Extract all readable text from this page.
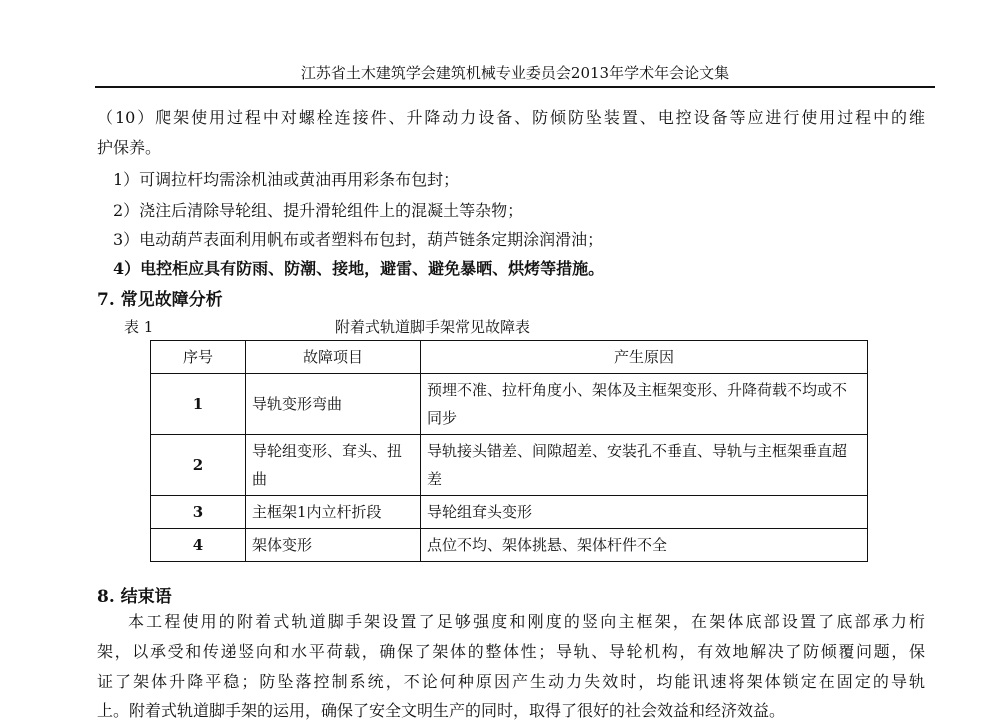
江苏省土木建筑学会建筑机械专业委员会2013年学术年会论文集
（10）爬架使用过程中对螺栓连接件、升降动力设备、防倾防坠装置、电控设备等应进行使用过程中的维
护保养。
1）可调拉杆均需涂机油或黄油再用彩条布包封；
2）浇注后清除导轮组、提升滑轮组件上的混凝土等杂物；
3）电动葫芦表面利用帆布或者塑料布包封，葫芦链条定期涂润滑油；
4）电控柜应具有防雨、防潮、接地，避雷、避免暴晒、烘烤等措施。
7. 常见故障分析
表 1	附着式轨道脚手架常见故障表
序号	故障项目	产生原因
1	导轨变形弯曲	预埋不准、拉杆角度小、架体及主框架变形、升降荷载不均或不同步
2	导轮组变形、耷头、扭曲	导轨接头错差、间隙超差、安装孔不垂直、导轨与主框架垂直超差
3	主框架1内立杆折段	导轮组耷头变形
4	架体变形	点位不均、架体挑悬、架体杆件不全
8. 结束语
本工程使用的附着式轨道脚手架设置了足够强度和刚度的竖向主框架，在架体底部设置了底部承力桁
架，以承受和传递竖向和水平荷载，确保了架体的整体性；导轨、导轮机构，有效地解决了防倾覆问题，保
证了架体升降平稳；防坠落控制系统，不论何种原因产生动力失效时，均能讯速将架体锁定在固定的导轨
上。附着式轨道脚手架的运用，确保了安全文明生产的同时，取得了很好的社会效益和经济效益。
